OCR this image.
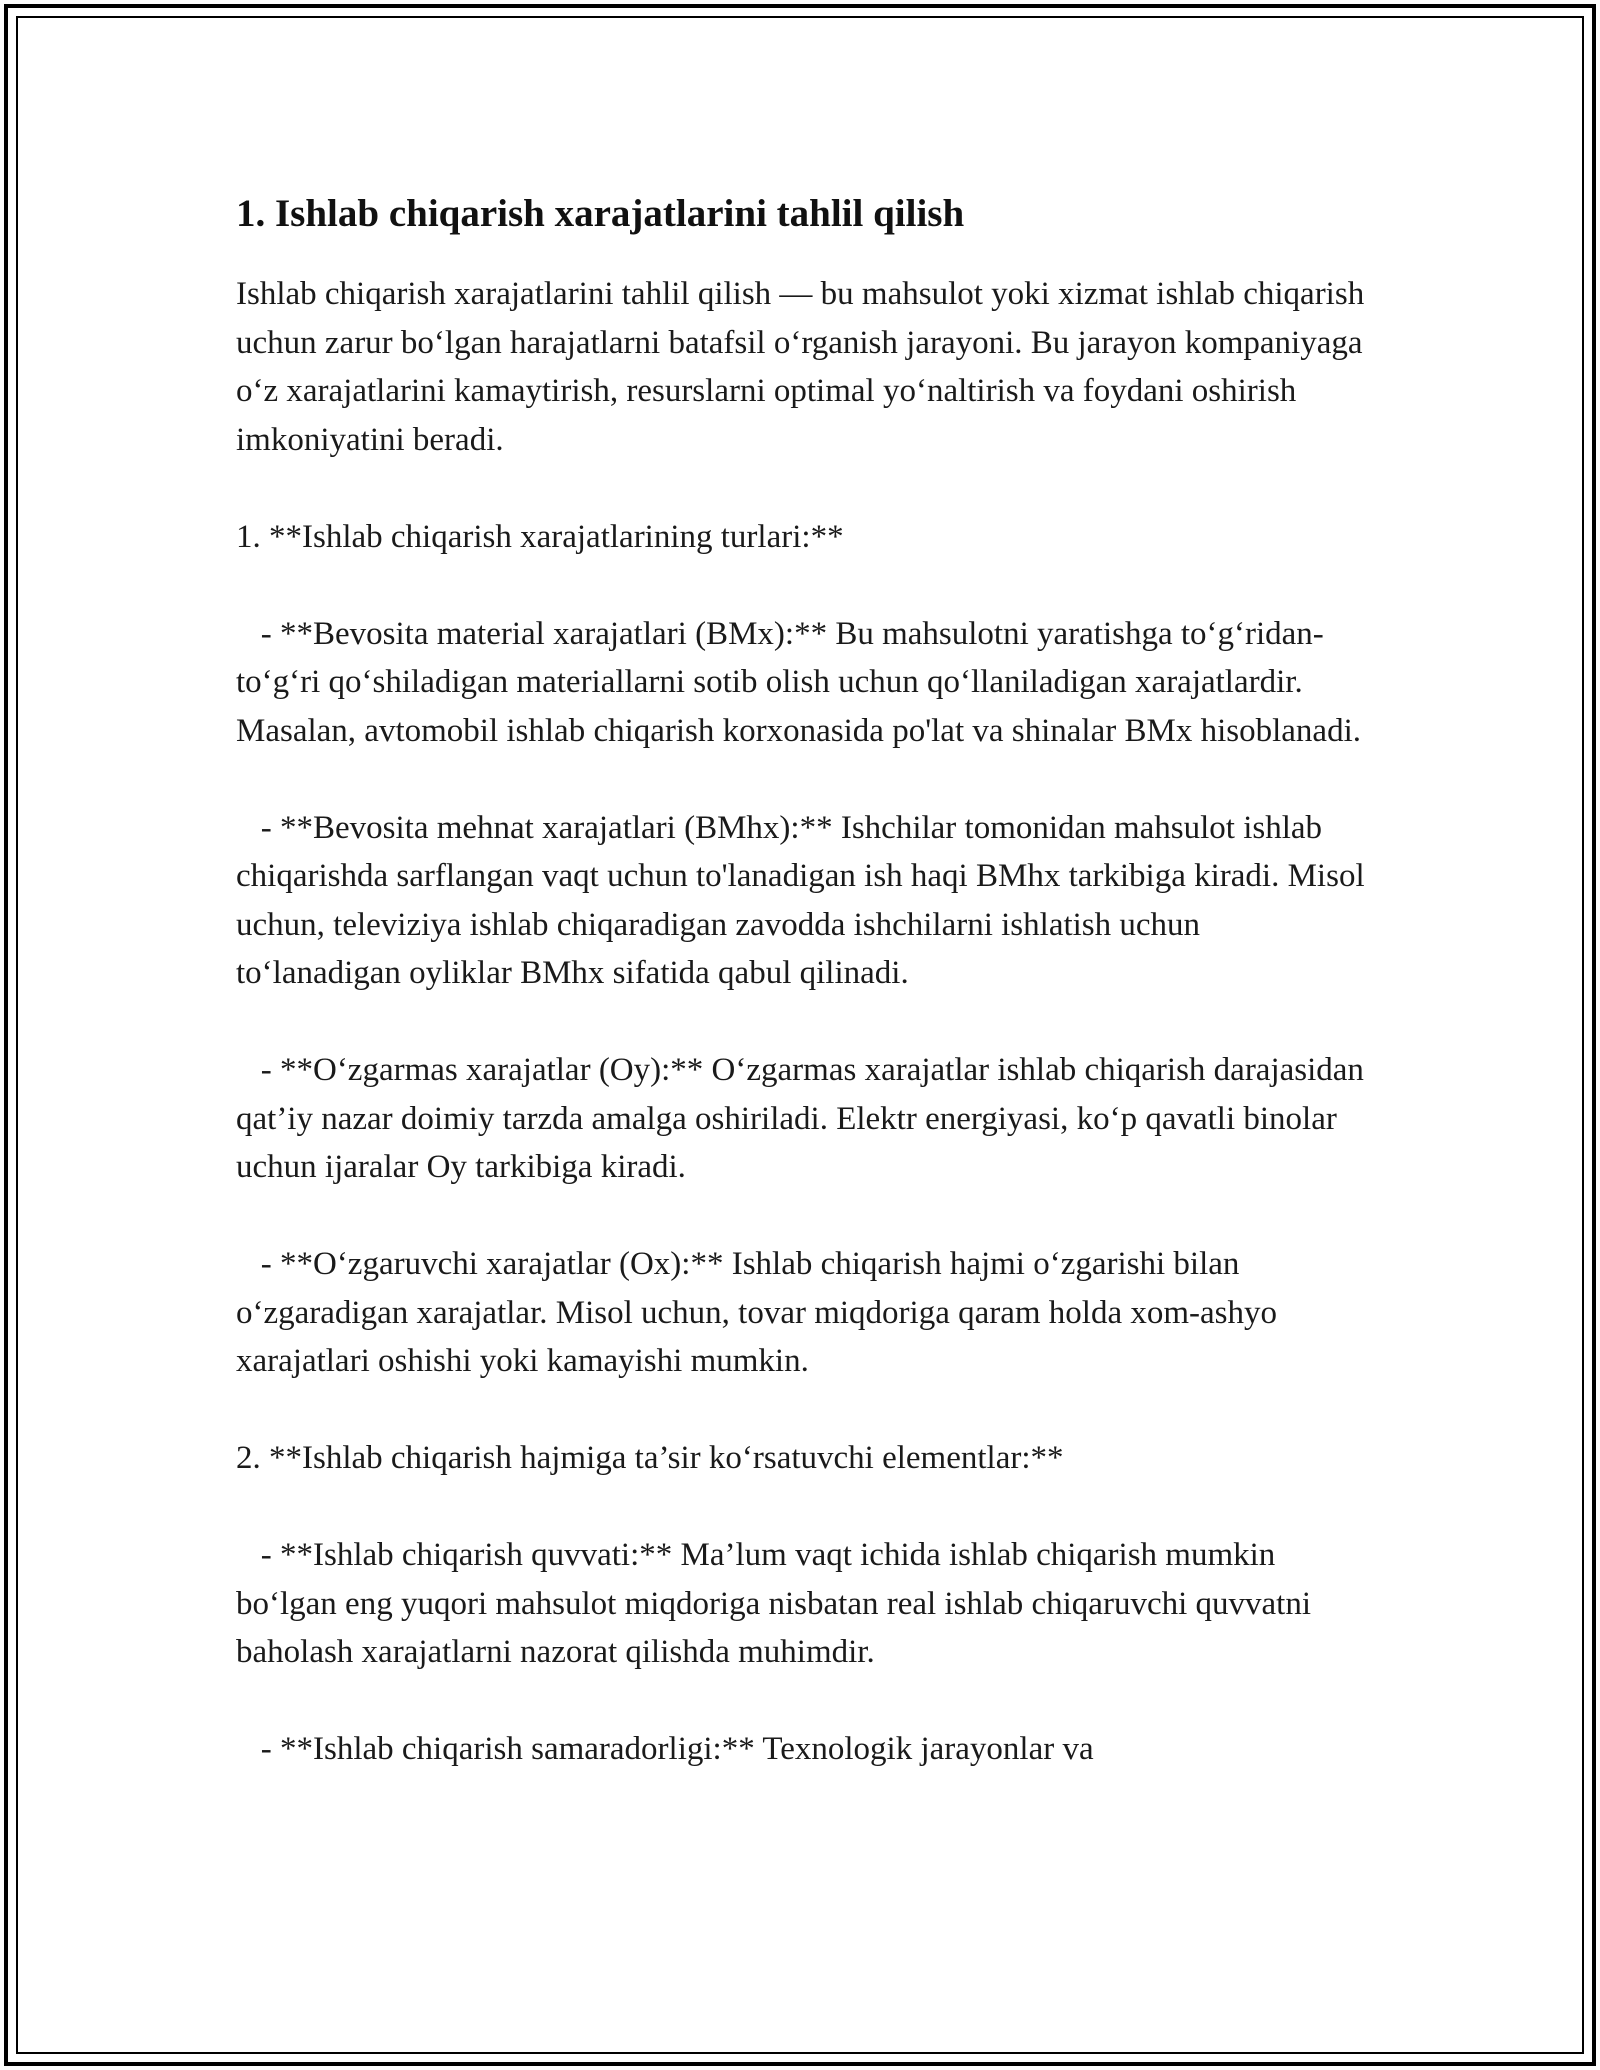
1. Ishlab chiqarish xarajatlarini tahlil qilish

Ishlab chiqarish xarajatlarini tahlil qilish — bu mahsulot yoki xizmat ishlab chiqarish uchun zarur bo‘lgan harajatlarni batafsil o‘rganish jarayoni. Bu jarayon kompaniyaga o‘z xarajatlarini kamaytirish, resurslarni optimal yo‘naltirish va foydani oshirish imkoniyatini beradi.

1. **Ishlab chiqarish xarajatlarining turlari:**

- **Bevosita material xarajatlari (BMx):** Bu mahsulotni yaratishga to‘g‘ridan-to‘g‘ri qo‘shiladigan materiallarni sotib olish uchun qo‘llaniladigan xarajatlardir. Masalan, avtomobil ishlab chiqarish korxonasida po'lat va shinalar BMx hisoblanadi.

- **Bevosita mehnat xarajatlari (BMhx):** Ishchilar tomonidan mahsulot ishlab chiqarishda sarflangan vaqt uchun to'lanadigan ish haqi BMhx tarkibiga kiradi. Misol uchun, televiziya ishlab chiqaradigan zavodda ishchilarni ishlatish uchun to‘lanadigan oyliklar BMhx sifatida qabul qilinadi.

- **O‘zgarmas xarajatlar (Oy):** O‘zgarmas xarajatlar ishlab chiqarish darajasidan qat’iy nazar doimiy tarzda amalga oshiriladi. Elektr energiyasi, ko‘p qavatli binolar uchun ijaralar Oy tarkibiga kiradi.

- **O‘zgaruvchi xarajatlar (Ox):** Ishlab chiqarish hajmi o‘zgarishi bilan o‘zgaradigan xarajatlar. Misol uchun, tovar miqdoriga qaram holda xom-ashyo xarajatlari oshishi yoki kamayishi mumkin.

2. **Ishlab chiqarish hajmiga ta’sir ko‘rsatuvchi elementlar:**

- **Ishlab chiqarish quvvati:** Ma’lum vaqt ichida ishlab chiqarish mumkin bo‘lgan eng yuqori mahsulot miqdoriga nisbatan real ishlab chiqaruvchi quvvatni baholash xarajatlarni nazorat qilishda muhimdir.

- **Ishlab chiqarish samaradorligi:** Texnologik jarayonlar va
